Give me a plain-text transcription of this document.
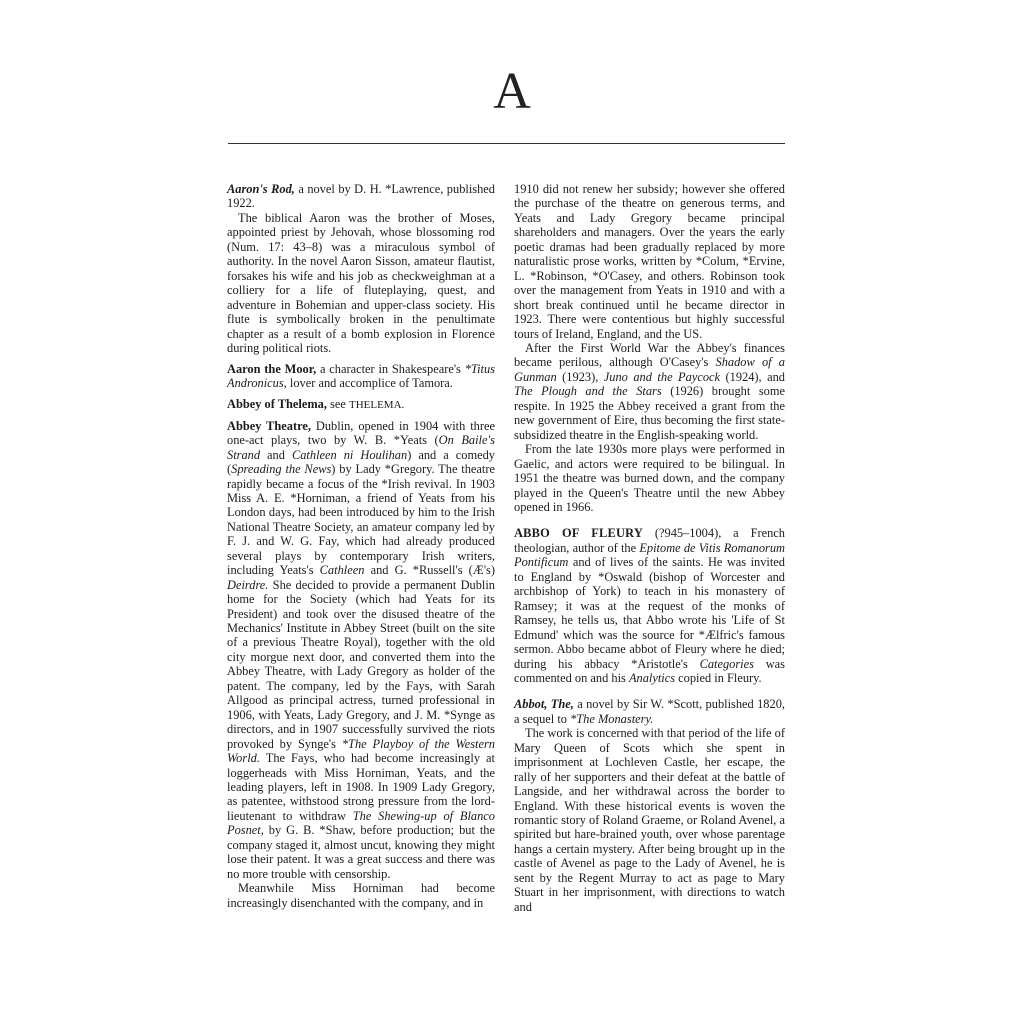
A

Aaron's Rod, a novel by D. H. *Lawrence, published 1922.

The biblical Aaron was the brother of Moses, appointed priest by Jehovah, whose blossoming rod (Num. 17: 43–8) was a miraculous symbol of authority. In the novel Aaron Sisson, amateur flautist, forsakes his wife and his job as checkweighman at a colliery for a life of fluteplaying, quest, and adventure in Bohemian and upper-class society. His flute is symbolically broken in the penultimate chapter as a result of a bomb explosion in Florence during political riots.

Aaron the Moor, a character in Shakespeare's *Titus Andronicus, lover and accomplice of Tamora.

Abbey of Thelema, see THELEMA.

Abbey Theatre, Dublin, opened in 1904 with three one-act plays, two by W. B. *Yeats (On Baile's Strand and Cathleen ni Houlihan) and a comedy (Spreading the News) by Lady *Gregory. The theatre rapidly became a focus of the *Irish revival. In 1903 Miss A. E. *Horniman, a friend of Yeats from his London days, had been introduced by him to the Irish National Theatre Society, an amateur company led by F. J. and W. G. Fay, which had already produced several plays by contemporary Irish writers, including Yeats's Cathleen and G. *Russell's (Æ's) Deirdre. She decided to provide a permanent Dublin home for the Society (which had Yeats for its President) and took over the disused theatre of the Mechanics' Institute in Abbey Street (built on the site of a previous Theatre Royal), together with the old city morgue next door, and converted them into the Abbey Theatre, with Lady Gregory as holder of the patent. The company, led by the Fays, with Sarah Allgood as principal actress, turned professional in 1906, with Yeats, Lady Gregory, and J. M. *Synge as directors, and in 1907 successfully survived the riots provoked by Synge's *The Playboy of the Western World. The Fays, who had become increasingly at loggerheads with Miss Horniman, Yeats, and the leading players, left in 1908. In 1909 Lady Gregory, as patentee, withstood strong pressure from the lord-lieutenant to withdraw The Shewing-up of Blanco Posnet, by G. B. *Shaw, before production; but the company staged it, almost uncut, knowing they might lose their patent. It was a great success and there was no more trouble with censorship.

Meanwhile Miss Horniman had become increasingly disenchanted with the company, and in

1910 did not renew her subsidy; however she offered the purchase of the theatre on generous terms, and Yeats and Lady Gregory became principal shareholders and managers. Over the years the early poetic dramas had been gradually replaced by more naturalistic prose works, written by *Colum, *Ervine, L. *Robinson, *O'Casey, and others. Robinson took over the management from Yeats in 1910 and with a short break continued until he became director in 1923. There were contentious but highly successful tours of Ireland, England, and the US.

After the First World War the Abbey's finances became perilous, although O'Casey's Shadow of a Gunman (1923), Juno and the Paycock (1924), and The Plough and the Stars (1926) brought some respite. In 1925 the Abbey received a grant from the new government of Eire, thus becoming the first state-subsidized theatre in the English-speaking world.

From the late 1930s more plays were performed in Gaelic, and actors were required to be bilingual. In 1951 the theatre was burned down, and the company played in the Queen's Theatre until the new Abbey opened in 1966.

ABBO OF FLEURY (?945–1004), a French theologian, author of the Epitome de Vitis Romanorum Pontificum and of lives of the saints. He was invited to England by *Oswald (bishop of Worcester and archbishop of York) to teach in his monastery of Ramsey; it was at the request of the monks of Ramsey, he tells us, that Abbo wrote his 'Life of St Edmund' which was the source for *Ælfric's famous sermon. Abbo became abbot of Fleury where he died; during his abbacy *Aristotle's Categories was commented on and his Analytics copied in Fleury.

Abbot, The, a novel by Sir W. *Scott, published 1820, a sequel to *The Monastery.

The work is concerned with that period of the life of Mary Queen of Scots which she spent in imprisonment at Lochleven Castle, her escape, the rally of her supporters and their defeat at the battle of Langside, and her withdrawal across the border to England. With these historical events is woven the romantic story of Roland Graeme, or Roland Avenel, a spirited but hare-brained youth, over whose parentage hangs a certain mystery. After being brought up in the castle of Avenel as page to the Lady of Avenel, he is sent by the Regent Murray to act as page to Mary Stuart in her imprisonment, with directions to watch and
